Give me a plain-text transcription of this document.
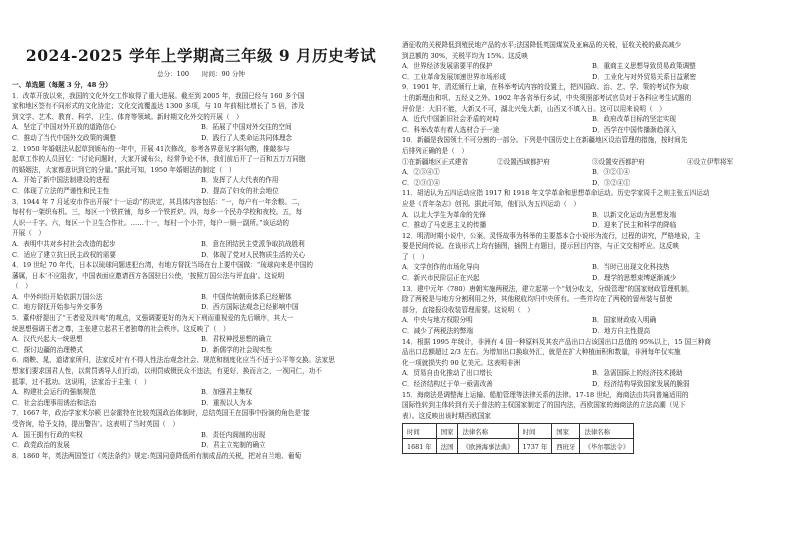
2024-2025 学年上学期高三年级 9 月历史考试
总分：100　　时间：90 分钟
一、单选题（每题 3 分，48 分）
1．改革开放以来，我国的文化外交工作取得了重大进展。截至到 2005 年，我国已经与 160 多个国
家和地区签有不同形式的文化协定；文化交流覆盖达 1300 多项，与 10 年前相比增长了 5 倍，涉及
到文学、艺术、教育、科学、卫生、体育等领域。新时期文化外交的开展（　）
A．坚定了中国对外开放的道路信心	B．拓展了中国对外交往的空间
C．推动了当代中国外交政策的调整	D．践行了人类命运共同体理念
2．1950 年婚姻法从起草到颁布的一年中，开展 41次修改，参考各界意见字斟句酌，推敲参与
起草工作的人员回忆：“讨论问题时，大家开诚布公，经常争论不休，我们前后开了一百和五万万同胞
的婚姻法，大家都意识到它的分量。”据此可知，1950 年婚姻法的制定（　）
A．开始了新中国法制建设的进程	B．发挥了人大代表的作用
C．体现了立法的严谨性和民主性	D．提高了妇女的社会地位
3．1944 年 7 月延安市作出开展“十一运动”的决定，其具体内容包括：“一，每户有一年余粮。二，
每村有一架织布机。三，每区一个铁匠铺，每乡一个铁匠炉。四，每乡一个民办学校和夜校。五，每
人识一千字。六，每区一个卫生合作社。……十一，每村一个小井，每户一厕一副所。”该运动的
开展（　）
A．表明中共对乡村社会改造的起步	B．意在团结民主党派争取抗战胜利
C．适应了建立抗日民主政权的需要	D．体现了党对人民物质生活的关心
4．19 世纪 70 年代，日本以琉球问题进犯台湾，有地方督抚当场在台上要中国做：“琉球向来是中国的
藩属，日本‘不应阻我’，中国表面应邀请西方各国驻日公使，‘按照万国公法与评直曲’。这说明
（　）
A．中外纠纷开始依据万国公法	B．中国传统朝贡体系已经解体
C．地方督抚开始参与外交事务	D．西方国际法观念已经影响中国
5．董仲舒提出了“王者爱及四夷”的观点，又强调要更好的为天下刑而重视爱的先后顺序，其大一
统思想强调王者之尊，主张建立起君王者独尊的社会秩序。这反映了（　）
A．汉代兴起大一统思想	B．君权神授思想的确立
C．探讨边疆的治理模式	D．新儒学的社会现实性
6．商鞅、晁、道诸家所归，法家反对‘有不得人性法治观念社会、规范和制度化应当不适于公平等交换。法家思
想家们要求国君人性，以赏罚诱导人们行动，以刑罚威慑民众不违法，有更好，换而言之，一视同仁，功不
抵罪，过不抵功。这说明，法家治于主张（　）
A．构建社会运行的强制规范	B．加强君主集权
C．社会治理事用诱治和法治	D．重视以人为本
7．1667 年，政治学家米尔顿 巴奈霍特在比较英国政治体制时，总结英国王在国事中扮演的角色是‘接
受咨询，给予支持，提出警告’。这表明了当时英国（　）
A．国王拥有行政的实权	B．责任内阁制的出现
C．政党政治的发展	D．君主立宪制的确立
8．1860 年，英法两国签订《英法条约》规定:英国同意降低所有制成品的关税，把对自兰地、葡萄
酒征收的关税降低到殖民地产品的水平;法国降低英国煤炭及亚麻品的关税，征收关税的最高减少
到总额的 30%，关税平均为 15%。这反映
A．世界经济发展需要平的保护	B．重商主义思想导致贸易政策调整
C．工业革命发展加速世界市场形成	D．工业化与对外贸易关系日益紧密
9．1901 年，清廷颁行上谕，在科举考试内容的设置上，把四国政、治、艺、学、策的考试作为取
士的新理由和巩、五经义之外。1902 年各省举行乡试，中央须照部考试官员对于各科应考生试题的
评价是：大旧不能，大新又不可，湖北兴兔大新，山西又不填入日。这可以用来说明（　）
A．近代中国新旧社会矛盾的对峙	B．政府改革目标的坚定实现
C．科举改革有着人选材合于一途	D．西学在中国传播渐趋深入
10．新疆是我国领土不可分割的一部分。下列是中国历史上在新疆地区设治管理的措施，按时间先
后排列正确的是（　）
①在新疆地区正式建省	②设置西域都护府	③设置安西都护府	④设立伊犁将军
A．②③④①	B．③②①④
C．②③①④	D．③②④①
11．胡适认为五四运动应指 1917 和 1918 年文学革命和思想革命运动。历史学家周千之则主张五四运动
应是《青年杂志》创刊。据此可知，他们认为五四运动（　）
A．以北大学生为革命的先锋	B．以新文化运动为思想发端
C．推动了马克思主义的传播	D．迎来了民主和科学的降临
12．明清时期小说中，公案、灵怪故事为科举的主要基本合小说形为流行，过程的讲究，严格地说，主
要是民间传说。在该形式上均有插图，插图上有题目，提示回目内容，与正文交相呼应。这反映
了（　）
A．文学创作的市场化导向	B．当时已出现文化科技热
C．新兴市民阶层正在兴起	D．理学的思想束缚逐渐减少
13．建中元年（780）唐朝实施两税法，建立起第一个“划分收支，分级管理”的国家财政管理机制，
除了两税是与地方分割利用之外，其他税收均归中央所有。一些并均在了两税的留州装与留使
部分，直接报设收装管理需要。这说明（　）
A．中央与地方权限分明	B．国家财政收入明确
C．减少了两税法的弊端	D．地方自主性提高
14．根据 1995 年统计，非洲有 4 国一种原料及其农产品出口占该国出口总值的 95%以上，15 国三种商
品出口总额超过 2/3 左右。为增加出口换取外汇，就是在扩大种植面积和数量，非洲每年仅实施
化一项就损失约 90 亿美元。这表明非洲
A．贸易自由化推动了出口增长	B．急需国际上的经济技术援助
C．经济结构过于单一亟需改善	D．经济结构导致国家发展的脆弱
15．海商法是调整海上运输、船舶管理等法律关系的法律。17-18 世纪，海商法由共同普遍适用的
国际性转到主体转到有关于普法的主权国家制定了的国内法，西欧国家的海商法的立法高潮（见下
表）。这反映出该时期西欧国家
时间	国家	法律名称	时间	国家	法律名称
1681 年	法国	《欧洲海事法典》	1737 年	西班牙	《毕尔鄂法令》
